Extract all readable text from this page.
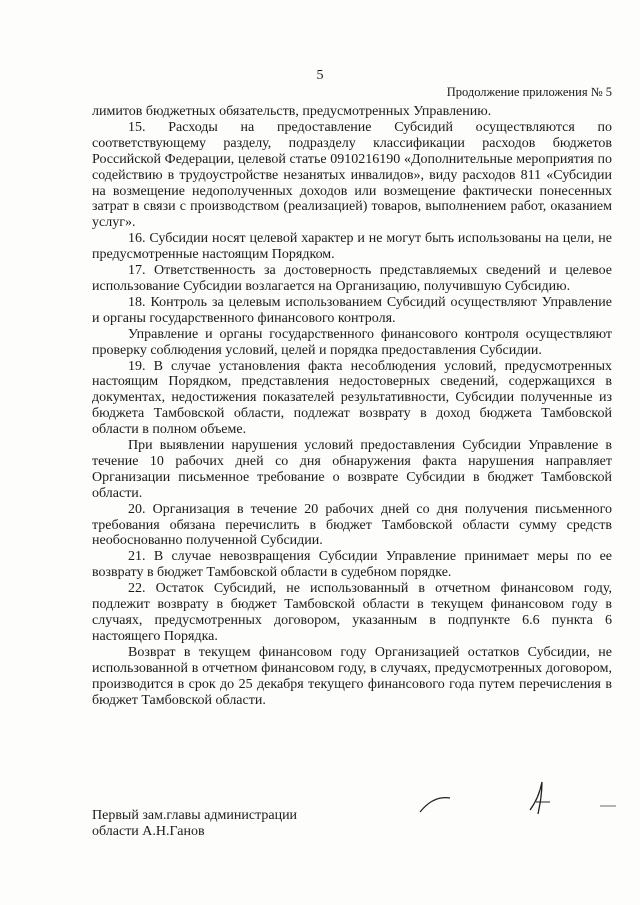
5
Продолжение приложения № 5

лимитов бюджетных обязательств, предусмотренных Управлению.

15. Расходы на предоставление Субсидий осуществляются по соответствующему разделу, подразделу классификации расходов бюджетов Российской Федерации, целевой статье 0910216190 «Дополнительные мероприятия по содействию в трудоустройстве незанятых инвалидов», виду расходов 811 «Субсидии на возмещение недополученных доходов или возмещение фактически понесенных затрат в связи с производством (реализацией) товаров, выполнением работ, оказанием услуг».

16. Субсидии носят целевой характер и не могут быть использованы на цели, не предусмотренные настоящим Порядком.

17. Ответственность за достоверность представляемых сведений и целевое использование Субсидии возлагается на Организацию, получившую Субсидию.

18. Контроль за целевым использованием Субсидий осуществляют Управление и органы государственного финансового контроля.

Управление и органы государственного финансового контроля осуществляют проверку соблюдения условий, целей и порядка предоставления Субсидии.

19. В случае установления факта несоблюдения условий, предусмотренных настоящим Порядком, представления недостоверных сведений, содержащихся в документах, недостижения показателей результативности, Субсидии полученные из бюджета Тамбовской области, подлежат возврату в доход бюджета Тамбовской области в полном объеме.

При выявлении нарушения условий предоставления Субсидии Управление в течение 10 рабочих дней со дня обнаружения факта нарушения направляет Организации письменное требование о возврате Субсидии в бюджет Тамбовской области.

20. Организация в течение 20 рабочих дней со дня получения письменного требования обязана перечислить в бюджет Тамбовской области сумму средств необоснованно полученной Субсидии.

21. В случае невозвращения Субсидии Управление принимает меры по ее возврату в бюджет Тамбовской области в судебном порядке.

22. Остаток Субсидий, не использованный в отчетном финансовом году, подлежит возврату в бюджет Тамбовской области в текущем финансовом году в случаях, предусмотренных договором, указанным в подпункте 6.6 пункта 6 настоящего Порядка.

Возврат в текущем финансовом году Организацией остатков Субсидии, не использованной в отчетном финансовом году, в случаях, предусмотренных договором, производится в срок до 25 декабря текущего финансового года путем перечисления в бюджет Тамбовской области.

Первый зам.главы администрации
области А.Н.Ганов
